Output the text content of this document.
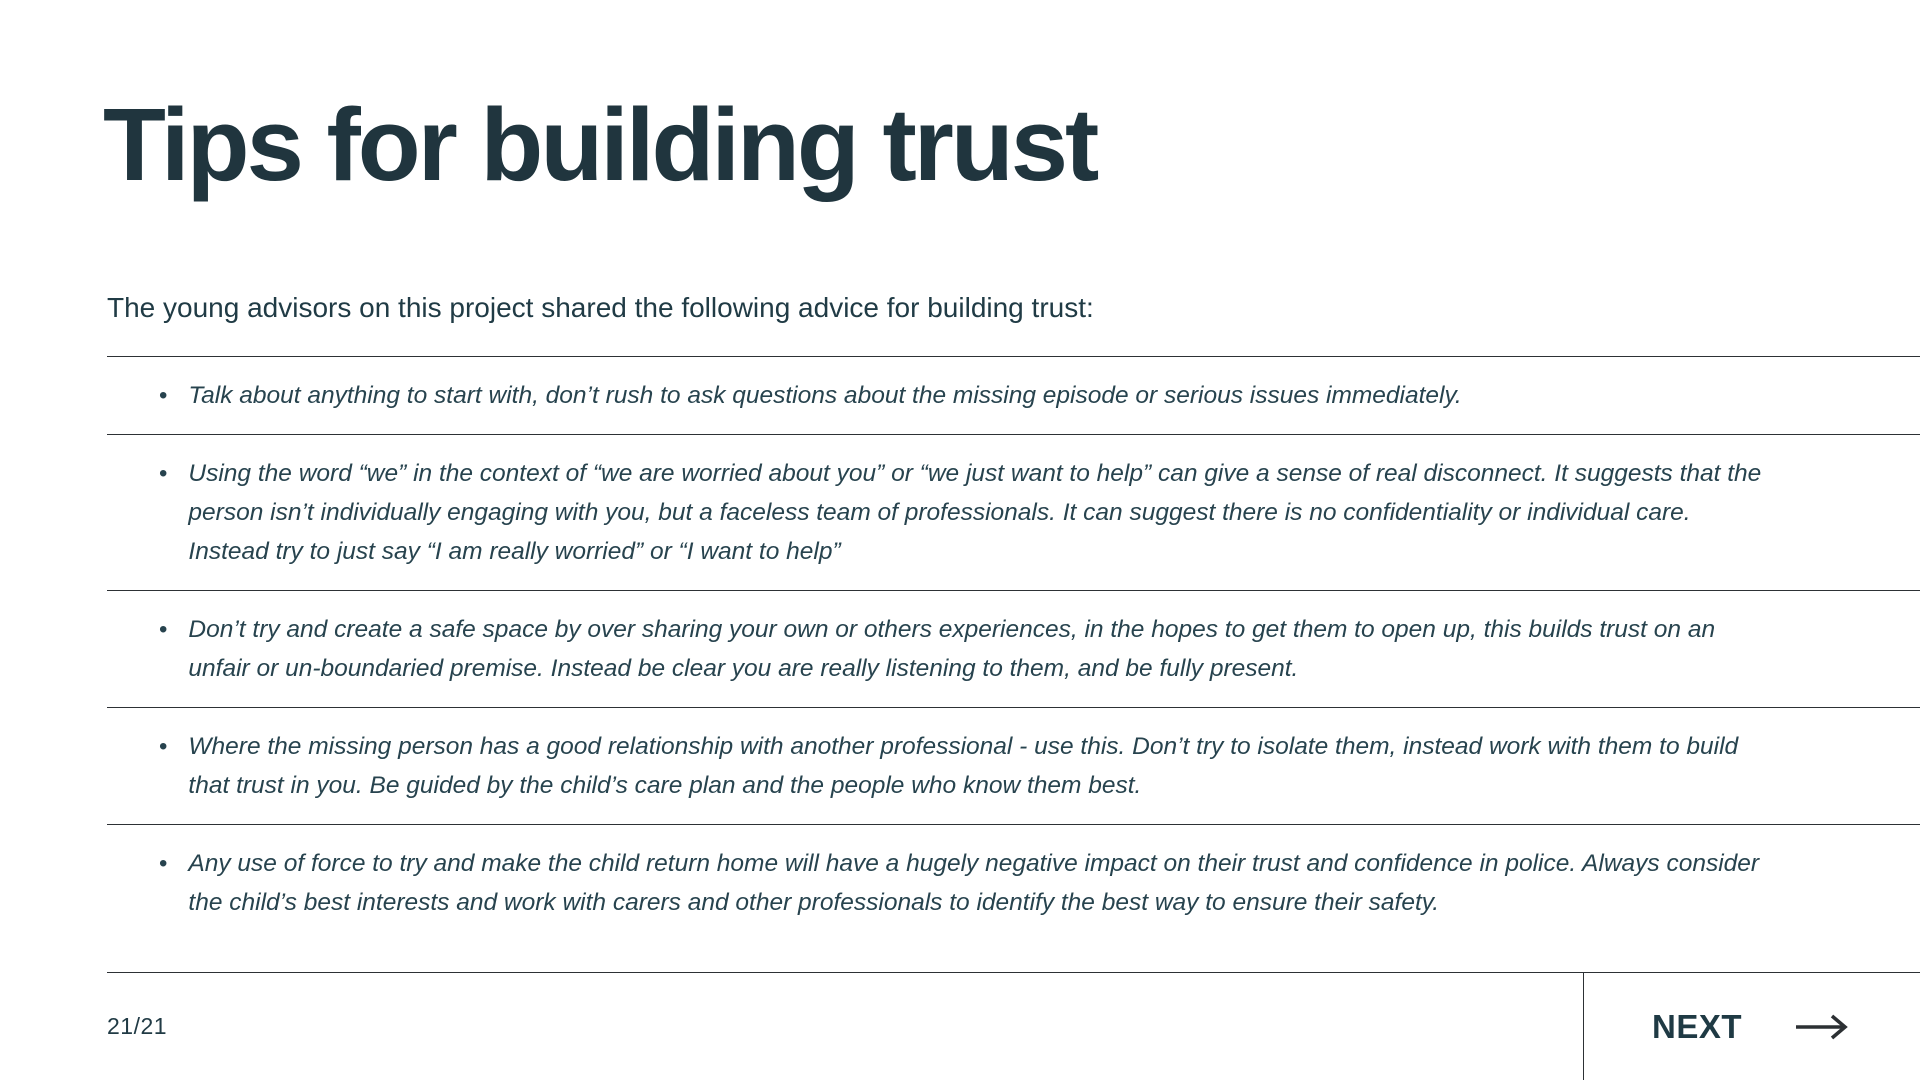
Tips for building trust

The young advisors on this project shared the following advice for building trust:

• Talk about anything to start with, don’t rush to ask questions about the missing episode or serious issues immediately.
• Using the word “we” in the context of “we are worried about you” or “we just want to help” can give a sense of real disconnect. It suggests that the person isn’t individually engaging with you, but a faceless team of professionals. It can suggest there is no confidentiality or individual care. Instead try to just say “I am really worried” or “I want to help”
• Don’t try and create a safe space by over sharing your own or others experiences, in the hopes to get them to open up, this builds trust on an unfair or un-boundaried premise. Instead be clear you are really listening to them, and be fully present.
• Where the missing person has a good relationship with another professional - use this. Don’t try to isolate them, instead work with them to build that trust in you. Be guided by the child’s care plan and the people who know them best.
• Any use of force to try and make the child return home will have a hugely negative impact on their trust and confidence in police. Always consider the child’s best interests and work with carers and other professionals to identify the best way to ensure their safety.
21/21	NEXT
